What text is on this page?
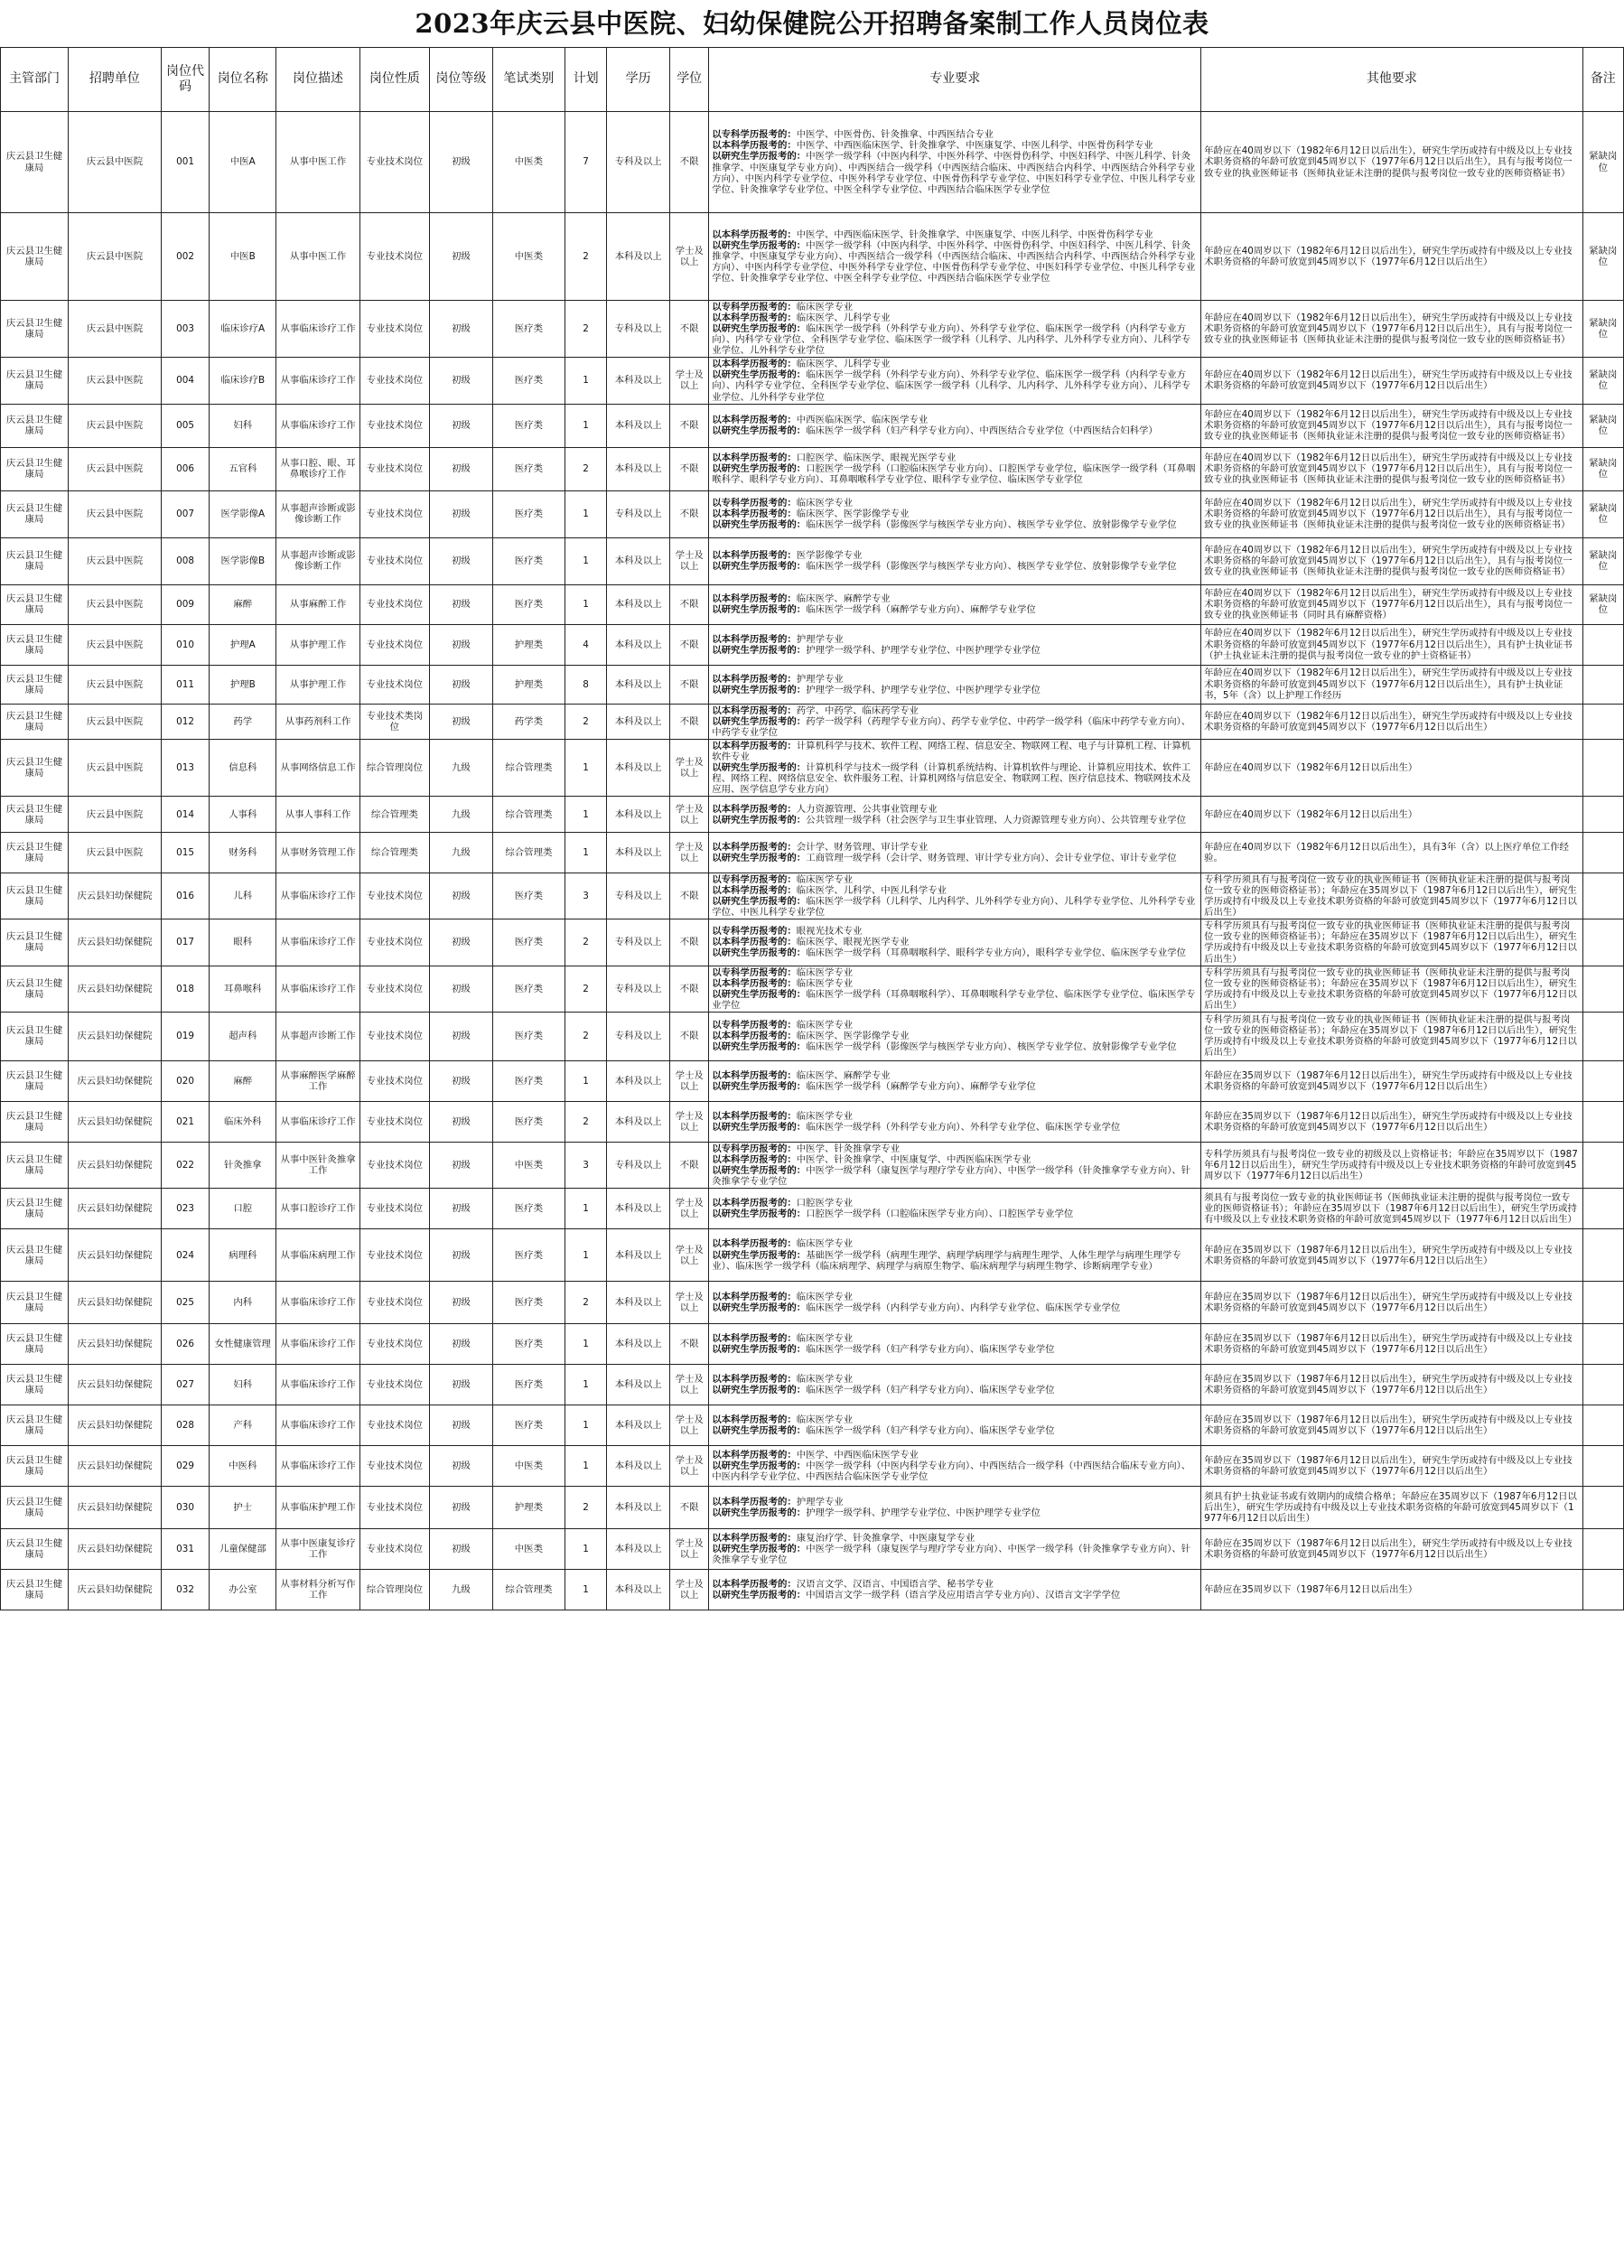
2023年庆云县中医院、妇幼保健院公开招聘备案制工作人员岗位表
主管部门	招聘单位	岗位代码	岗位名称	岗位描述	岗位性质	岗位等级	笔试类别	计划	学历	学位	专业要求	其他要求	备注
庆云县卫生健康局	庆云县中医院	001	中医A	从事中医工作	专业技术岗位	初级	中医类	7	专科及以上	不限	以专科学历报考的：中医学、中医骨伤、针灸推拿、中西医结合专业
以本科学历报考的：中医学、中西医临床医学、针灸推拿学、中医康复学、中医儿科学、中医骨伤科学专业
以研究生学历报考的：中医学一级学科（中医内科学、中医外科学、中医骨伤科学、中医妇科学、中医儿科学、针灸推拿学、中医康复学专业方向）、中西医结合一级学科（中西医结合临床、中西医结合内科学、中西医结合外科学专业方向）、中医内科学专业学位、中医外科学专业学位、中医骨伤科学专业学位、中医妇科学专业学位、中医儿科学专业学位、针灸推拿学专业学位、中医全科学专业学位、中西医结合临床医学专业学位	年龄应在40周岁以下（1982年6月12日以后出生），研究生学历或持有中级及以上专业技术职务资格的年龄可放宽到45周岁以下（1977年6月12日以后出生），具有与报考岗位一致专业的执业医师证书（医师执业证未注册的提供与报考岗位一致专业的医师资格证书）	紧缺岗位
庆云县卫生健康局	庆云县中医院	002	中医B	从事中医工作	专业技术岗位	初级	中医类	2	本科及以上	学士及以上	以本科学历报考的：中医学、中西医临床医学、针灸推拿学、中医康复学、中医儿科学、中医骨伤科学专业
以研究生学历报考的：中医学一级学科（中医内科学、中医外科学、中医骨伤科学、中医妇科学、中医儿科学、针灸推拿学、中医康复学专业方向）、中西医结合一级学科（中西医结合临床、中西医结合内科学、中西医结合外科学专业方向）、中医内科学专业学位、中医外科学专业学位、中医骨伤科学专业学位、中医妇科学专业学位、中医儿科学专业学位、针灸推拿学专业学位、中医全科学专业学位、中西医结合临床医学专业学位	年龄应在40周岁以下（1982年6月12日以后出生），研究生学历或持有中级及以上专业技术职务资格的年龄可放宽到45周岁以下（1977年6月12日以后出生）	紧缺岗位
庆云县卫生健康局	庆云县中医院	003	临床诊疗A	从事临床诊疗工作	专业技术岗位	初级	医疗类	2	专科及以上	不限	以专科学历报考的：临床医学专业
以本科学历报考的：临床医学、儿科学专业
以研究生学历报考的：临床医学一级学科（外科学专业方向）、外科学专业学位、临床医学一级学科（内科学专业方向）、内科学专业学位、全科医学专业学位、临床医学一级学科（儿科学、儿内科学、儿外科学专业方向）、儿科学专业学位、儿外科学专业学位	年龄应在40周岁以下（1982年6月12日以后出生），研究生学历或持有中级及以上专业技术职务资格的年龄可放宽到45周岁以下（1977年6月12日以后出生），具有与报考岗位一致专业的执业医师证书（医师执业证未注册的提供与报考岗位一致专业的医师资格证书）	紧缺岗位
庆云县卫生健康局	庆云县中医院	004	临床诊疗B	从事临床诊疗工作	专业技术岗位	初级	医疗类	1	本科及以上	学士及以上	以本科学历报考的：临床医学、儿科学专业
以研究生学历报考的：临床医学一级学科（外科学专业方向）、外科学专业学位、临床医学一级学科（内科学专业方向）、内科学专业学位、全科医学专业学位、临床医学一级学科（儿科学、儿内科学、儿外科学专业方向）、儿科学专业学位、儿外科学专业学位	年龄应在40周岁以下（1982年6月12日以后出生），研究生学历或持有中级及以上专业技术职务资格的年龄可放宽到45周岁以下（1977年6月12日以后出生）	紧缺岗位
庆云县卫生健康局	庆云县中医院	005	妇科	从事临床诊疗工作	专业技术岗位	初级	医疗类	1	本科及以上	不限	以本科学历报考的：中西医临床医学、临床医学专业
以研究生学历报考的：临床医学一级学科（妇产科学专业方向）、中西医结合专业学位（中西医结合妇科学）	年龄应在40周岁以下（1982年6月12日以后出生），研究生学历或持有中级及以上专业技术职务资格的年龄可放宽到45周岁以下（1977年6月12日以后出生），具有与报考岗位一致专业的执业医师证书（医师执业证未注册的提供与报考岗位一致专业的医师资格证书）	紧缺岗位
庆云县卫生健康局	庆云县中医院	006	五官科	从事口腔、眼、耳鼻喉诊疗工作	专业技术岗位	初级	医疗类	2	本科及以上	不限	以本科学历报考的：口腔医学、临床医学、眼视光医学专业
以研究生学历报考的：口腔医学一级学科（口腔临床医学专业方向）、口腔医学专业学位，临床医学一级学科（耳鼻咽喉科学、眼科学专业方向）、耳鼻咽喉科学专业学位、眼科学专业学位、临床医学专业学位	年龄应在40周岁以下（1982年6月12日以后出生），研究生学历或持有中级及以上专业技术职务资格的年龄可放宽到45周岁以下（1977年6月12日以后出生），具有与报考岗位一致专业的执业医师证书（医师执业证未注册的提供与报考岗位一致专业的医师资格证书）	紧缺岗位
庆云县卫生健康局	庆云县中医院	007	医学影像A	从事超声诊断或影像诊断工作	专业技术岗位	初级	医疗类	1	专科及以上	不限	以专科学历报考的：临床医学专业
以本科学历报考的：临床医学、医学影像学专业
以研究生学历报考的：临床医学一级学科（影像医学与核医学专业方向）、核医学专业学位、放射影像学专业学位	年龄应在40周岁以下（1982年6月12日以后出生），研究生学历或持有中级及以上专业技术职务资格的年龄可放宽到45周岁以下（1977年6月12日以后出生），具有与报考岗位一致专业的执业医师证书（医师执业证未注册的提供与报考岗位一致专业的医师资格证书）	紧缺岗位
庆云县卫生健康局	庆云县中医院	008	医学影像B	从事超声诊断或影像诊断工作	专业技术岗位	初级	医疗类	1	本科及以上	学士及以上	以本科学历报考的：医学影像学专业
以研究生学历报考的：临床医学一级学科（影像医学与核医学专业方向）、核医学专业学位、放射影像学专业学位	年龄应在40周岁以下（1982年6月12日以后出生），研究生学历或持有中级及以上专业技术职务资格的年龄可放宽到45周岁以下（1977年6月12日以后出生），具有与报考岗位一致专业的执业医师证书（医师执业证未注册的提供与报考岗位一致专业的医师资格证书）	紧缺岗位
庆云县卫生健康局	庆云县中医院	009	麻醉	从事麻醉工作	专业技术岗位	初级	医疗类	1	本科及以上	不限	以本科学历报考的：临床医学、麻醉学专业
以研究生学历报考的：临床医学一级学科（麻醉学专业方向）、麻醉学专业学位	年龄应在40周岁以下（1982年6月12日以后出生），研究生学历或持有中级及以上专业技术职务资格的年龄可放宽到45周岁以下（1977年6月12日以后出生），具有与报考岗位一致专业的执业医师证书（同时具有麻醉资格）	紧缺岗位
庆云县卫生健康局	庆云县中医院	010	护理A	从事护理工作	专业技术岗位	初级	护理类	4	本科及以上	不限	以本科学历报考的：护理学专业
以研究生学历报考的：护理学一级学科、护理学专业学位、中医护理学专业学位	年龄应在40周岁以下（1982年6月12日以后出生），研究生学历或持有中级及以上专业技术职务资格的年龄可放宽到45周岁以下（1977年6月12日以后出生），具有护士执业证书（护士执业证未注册的提供与报考岗位一致专业的护士资格证书）	
庆云县卫生健康局	庆云县中医院	011	护理B	从事护理工作	专业技术岗位	初级	护理类	8	本科及以上	不限	以本科学历报考的：护理学专业
以研究生学历报考的：护理学一级学科、护理学专业学位、中医护理学专业学位	年龄应在40周岁以下（1982年6月12日以后出生），研究生学历或持有中级及以上专业技术职务资格的年龄可放宽到45周岁以下（1977年6月12日以后出生），具有护士执业证书，5年（含）以上护理工作经历	
庆云县卫生健康局	庆云县中医院	012	药学	从事药剂科工作	专业技术类岗位	初级	药学类	2	本科及以上	不限	以本科学历报考的：药学、中药学、临床药学专业
以研究生学历报考的：药学一级学科（药理学专业方向）、药学专业学位、中药学一级学科（临床中药学专业方向）、中药学专业学位	年龄应在40周岁以下（1982年6月12日以后出生），研究生学历或持有中级及以上专业技术职务资格的年龄可放宽到45周岁以下（1977年6月12日以后出生）	
庆云县卫生健康局	庆云县中医院	013	信息科	从事网络信息工作	综合管理岗位	九级	综合管理类	1	本科及以上	学士及以上	以本科学历报考的：计算机科学与技术、软件工程、网络工程、信息安全、物联网工程、电子与计算机工程、计算机软件专业
以研究生学历报考的：计算机科学与技术一级学科（计算机系统结构、计算机软件与理论、计算机应用技术、软件工程、网络工程、网络信息安全、软件服务工程、计算机网络与信息安全、物联网工程、医疗信息技术、物联网技术及应用、医学信息学专业方向）	年龄应在40周岁以下（1982年6月12日以后出生）	
庆云县卫生健康局	庆云县中医院	014	人事科	从事人事科工作	综合管理类	九级	综合管理类	1	本科及以上	学士及以上	以本科学历报考的：人力资源管理、公共事业管理专业
以研究生学历报考的：公共管理一级学科（社会医学与卫生事业管理、人力资源管理专业方向）、公共管理专业学位	年龄应在40周岁以下（1982年6月12日以后出生）	
庆云县卫生健康局	庆云县中医院	015	财务科	从事财务管理工作	综合管理类	九级	综合管理类	1	本科及以上	学士及以上	以本科学历报考的：会计学、财务管理、审计学专业
以研究生学历报考的：工商管理一级学科（会计学、财务管理、审计学专业方向）、会计专业学位、审计专业学位	年龄应在40周岁以下（1982年6月12日以后出生），具有3年（含）以上医疗单位工作经验。	
庆云县卫生健康局	庆云县妇幼保健院	016	儿科	从事临床诊疗工作	专业技术岗位	初级	医疗类	3	专科及以上	不限	以专科学历报考的：临床医学专业
以本科学历报考的：临床医学、儿科学、中医儿科学专业
以研究生学历报考的：临床医学一级学科（儿科学、儿内科学、儿外科学专业方向）、儿科学专业学位、儿外科学专业学位、中医儿科学专业学位	专科学历须具有与报考岗位一致专业的执业医师证书（医师执业证未注册的提供与报考岗位一致专业的医师资格证书）；年龄应在35周岁以下（1987年6月12日以后出生），研究生学历或持有中级及以上专业技术职务资格的年龄可放宽到45周岁以下（1977年6月12日以后出生）	
庆云县卫生健康局	庆云县妇幼保健院	017	眼科	从事临床诊疗工作	专业技术岗位	初级	医疗类	2	专科及以上	不限	以专科学历报考的：眼视光技术专业
以本科学历报考的：临床医学、眼视光医学专业
以研究生学历报考的：临床医学一级学科（耳鼻咽喉科学、眼科学专业方向），眼科学专业学位、临床医学专业学位	专科学历须具有与报考岗位一致专业的执业医师证书（医师执业证未注册的提供与报考岗位一致专业的医师资格证书）；年龄应在35周岁以下（1987年6月12日以后出生），研究生学历或持有中级及以上专业技术职务资格的年龄可放宽到45周岁以下（1977年6月12日以后出生）	
庆云县卫生健康局	庆云县妇幼保健院	018	耳鼻喉科	从事临床诊疗工作	专业技术岗位	初级	医疗类	2	专科及以上	不限	以专科学历报考的：临床医学专业
以本科学历报考的：临床医学专业
以研究生学历报考的：临床医学一级学科（耳鼻咽喉科学）、耳鼻咽喉科学专业学位、临床医学专业学位、临床医学专业学位	专科学历须具有与报考岗位一致专业的执业医师证书（医师执业证未注册的提供与报考岗位一致专业的医师资格证书）；年龄应在35周岁以下（1987年6月12日以后出生），研究生学历或持有中级及以上专业技术职务资格的年龄可放宽到45周岁以下（1977年6月12日以后出生）	
庆云县卫生健康局	庆云县妇幼保健院	019	超声科	从事超声诊断工作	专业技术岗位	初级	医疗类	2	专科及以上	不限	以专科学历报考的：临床医学专业
以本科学历报考的：临床医学、医学影像学专业
以研究生学历报考的：临床医学一级学科（影像医学与核医学专业方向）、核医学专业学位、放射影像学专业学位	专科学历须具有与报考岗位一致专业的执业医师证书（医师执业证未注册的提供与报考岗位一致专业的医师资格证书）；年龄应在35周岁以下（1987年6月12日以后出生），研究生学历或持有中级及以上专业技术职务资格的年龄可放宽到45周岁以下（1977年6月12日以后出生）	
庆云县卫生健康局	庆云县妇幼保健院	020	麻醉	从事麻醉医学麻醉工作	专业技术岗位	初级	医疗类	1	本科及以上	学士及以上	以本科学历报考的：临床医学、麻醉学专业
以研究生学历报考的：临床医学一级学科（麻醉学专业方向）、麻醉学专业学位	年龄应在35周岁以下（1987年6月12日以后出生），研究生学历或持有中级及以上专业技术职务资格的年龄可放宽到45周岁以下（1977年6月12日以后出生）	
庆云县卫生健康局	庆云县妇幼保健院	021	临床外科	从事临床诊疗工作	专业技术岗位	初级	医疗类	2	本科及以上	学士及以上	以本科学历报考的：临床医学专业
以研究生学历报考的：临床医学一级学科（外科学专业方向）、外科学专业学位、临床医学专业学位	年龄应在35周岁以下（1987年6月12日以后出生），研究生学历或持有中级及以上专业技术职务资格的年龄可放宽到45周岁以下（1977年6月12日以后出生）	
庆云县卫生健康局	庆云县妇幼保健院	022	针灸推拿	从事中医针灸推拿工作	专业技术岗位	初级	中医类	3	专科及以上	不限	以专科学历报考的：中医学、针灸推拿学专业
以本科学历报考的：中医学、针灸推拿学、中医康复学、中西医临床医学专业
以研究生学历报考的：中医学一级学科（康复医学与理疗学专业方向）、中医学一级学科（针灸推拿学专业方向）、针灸推拿学专业学位	专科学历须具有与报考岗位一致专业的初级及以上资格证书；年龄应在35周岁以下（1987年6月12日以后出生），研究生学历或持有中级及以上专业技术职务资格的年龄可放宽到45周岁以下（1977年6月12日以后出生）	
庆云县卫生健康局	庆云县妇幼保健院	023	口腔	从事口腔诊疗工作	专业技术岗位	初级	医疗类	1	本科及以上	学士及以上	以本科学历报考的：口腔医学专业
以研究生学历报考的：口腔医学一级学科（口腔临床医学专业方向）、口腔医学专业学位	须具有与报考岗位一致专业的执业医师证书（医师执业证未注册的提供与报考岗位一致专业的医师资格证书）；年龄应在35周岁以下（1987年6月12日以后出生），研究生学历或持有中级及以上专业技术职务资格的年龄可放宽到45周岁以下（1977年6月12日以后出生）	
庆云县卫生健康局	庆云县妇幼保健院	024	病理科	从事临床病理工作	专业技术岗位	初级	医疗类	1	本科及以上	学士及以上	以本科学历报考的：临床医学专业
以研究生学历报考的：基础医学一级学科（病理生理学、病理学病理学与病理生理学、人体生理学与病理生理学专业）、临床医学一级学科（临床病理学、病理学与病原生物学、临床病理学与病理生物学、诊断病理学专业）	年龄应在35周岁以下（1987年6月12日以后出生），研究生学历或持有中级及以上专业技术职务资格的年龄可放宽到45周岁以下（1977年6月12日以后出生）	
庆云县卫生健康局	庆云县妇幼保健院	025	内科	从事临床诊疗工作	专业技术岗位	初级	医疗类	2	本科及以上	学士及以上	以本科学历报考的：临床医学专业
以研究生学历报考的：临床医学一级学科（内科学专业方向）、内科学专业学位、临床医学专业学位	年龄应在35周岁以下（1987年6月12日以后出生），研究生学历或持有中级及以上专业技术职务资格的年龄可放宽到45周岁以下（1977年6月12日以后出生）	
庆云县卫生健康局	庆云县妇幼保健院	026	女性健康管理	从事临床诊疗工作	专业技术岗位	初级	医疗类	1	本科及以上	不限	以本科学历报考的：临床医学专业
以研究生学历报考的：临床医学一级学科（妇产科学专业方向）、临床医学专业学位	年龄应在35周岁以下（1987年6月12日以后出生），研究生学历或持有中级及以上专业技术职务资格的年龄可放宽到45周岁以下（1977年6月12日以后出生）	
庆云县卫生健康局	庆云县妇幼保健院	027	妇科	从事临床诊疗工作	专业技术岗位	初级	医疗类	1	本科及以上	学士及以上	以本科学历报考的：临床医学专业
以研究生学历报考的：临床医学一级学科（妇产科学专业方向）、临床医学专业学位	年龄应在35周岁以下（1987年6月12日以后出生），研究生学历或持有中级及以上专业技术职务资格的年龄可放宽到45周岁以下（1977年6月12日以后出生）	
庆云县卫生健康局	庆云县妇幼保健院	028	产科	从事临床诊疗工作	专业技术岗位	初级	医疗类	1	本科及以上	学士及以上	以本科学历报考的：临床医学专业
以研究生学历报考的：临床医学一级学科（妇产科学专业方向）、临床医学专业学位	年龄应在35周岁以下（1987年6月12日以后出生），研究生学历或持有中级及以上专业技术职务资格的年龄可放宽到45周岁以下（1977年6月12日以后出生）	
庆云县卫生健康局	庆云县妇幼保健院	029	中医科	从事临床诊疗工作	专业技术岗位	初级	中医类	1	本科及以上	学士及以上	以本科学历报考的：中医学、中西医临床医学专业
以研究生学历报考的：中医学一级学科（中医内科学专业方向）、中西医结合一级学科（中西医结合临床专业方向）、中医内科学专业学位、中西医结合临床医学专业学位	年龄应在35周岁以下（1987年6月12日以后出生），研究生学历或持有中级及以上专业技术职务资格的年龄可放宽到45周岁以下（1977年6月12日以后出生）	
庆云县卫生健康局	庆云县妇幼保健院	030	护士	从事临床护理工作	专业技术岗位	初级	护理类	2	本科及以上	不限	以本科学历报考的：护理学专业
以研究生学历报考的：护理学一级学科、护理学专业学位、中医护理学专业学位	须具有护士执业证书或有效期内的成绩合格单；年龄应在35周岁以下（1987年6月12日以后出生），研究生学历或持有中级及以上专业技术职务资格的年龄可放宽到45周岁以下（1977年6月12日以后出生）	
庆云县卫生健康局	庆云县妇幼保健院	031	儿童保健部	从事中医康复诊疗工作	专业技术岗位	初级	中医类	1	本科及以上	学士及以上	以本科学历报考的：康复治疗学、针灸推拿学、中医康复学专业
以研究生学历报考的：中医学一级学科（康复医学与理疗学专业方向）、中医学一级学科（针灸推拿学专业方向）、针灸推拿学专业学位	年龄应在35周岁以下（1987年6月12日以后出生），研究生学历或持有中级及以上专业技术职务资格的年龄可放宽到45周岁以下（1977年6月12日以后出生）	
庆云县卫生健康局	庆云县妇幼保健院	032	办公室	从事材料分析写作工作	综合管理岗位	九级	综合管理类	1	本科及以上	学士及以上	以本科学历报考的：汉语言文学、汉语言、中国语言学、秘书学专业
以研究生学历报考的：中国语言文学一级学科（语言学及应用语言学专业方向）、汉语言文字学学位	年龄应在35周岁以下（1987年6月12日以后出生）	
